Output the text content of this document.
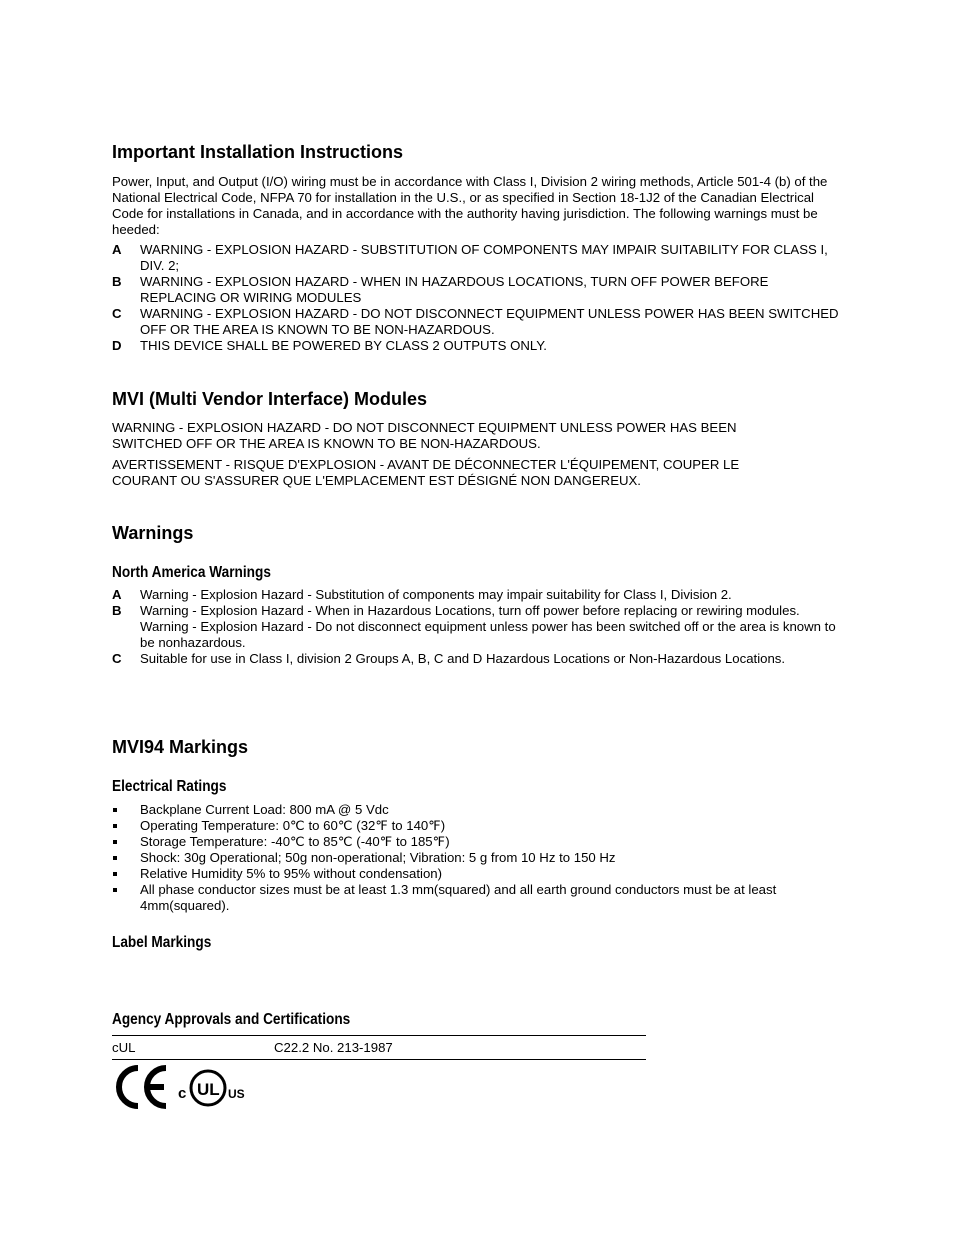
Important Installation Instructions

Power, Input, and Output (I/O) wiring must be in accordance with Class I, Division 2 wiring methods, Article 501-4 (b) of the National Electrical Code, NFPA 70 for installation in the U.S., or as specified in Section 18-1J2 of the Canadian Electrical Code for installations in Canada, and in accordance with the authority having jurisdiction. The following warnings must be heeded:

A WARNING - EXPLOSION HAZARD - SUBSTITUTION OF COMPONENTS MAY IMPAIR SUITABILITY FOR CLASS I, DIV. 2;
B WARNING - EXPLOSION HAZARD - WHEN IN HAZARDOUS LOCATIONS, TURN OFF POWER BEFORE REPLACING OR WIRING MODULES
C WARNING - EXPLOSION HAZARD - DO NOT DISCONNECT EQUIPMENT UNLESS POWER HAS BEEN SWITCHED OFF OR THE AREA IS KNOWN TO BE NON-HAZARDOUS.
D THIS DEVICE SHALL BE POWERED BY CLASS 2 OUTPUTS ONLY.
MVI (Multi Vendor Interface) Modules

WARNING - EXPLOSION HAZARD - DO NOT DISCONNECT EQUIPMENT UNLESS POWER HAS BEEN SWITCHED OFF OR THE AREA IS KNOWN TO BE NON-HAZARDOUS.

AVERTISSEMENT - RISQUE D'EXPLOSION - AVANT DE DÉCONNECTER L'ÉQUIPEMENT, COUPER LE COURANT OU S'ASSURER QUE L'EMPLACEMENT EST DÉSIGNÉ NON DANGEREUX.

Warnings
North America Warnings
A Warning - Explosion Hazard - Substitution of components may impair suitability for Class I, Division 2.
B Warning - Explosion Hazard - When in Hazardous Locations, turn off power before replacing or rewiring modules.
Warning - Explosion Hazard - Do not disconnect equipment unless power has been switched off or the area is known to be nonhazardous.
C Suitable for use in Class I, division 2 Groups A, B, C and D Hazardous Locations or Non-Hazardous Locations.
MVI94 Markings
Electrical Ratings
Backplane Current Load: 800 mA @ 5 Vdc
Operating Temperature: 0℃ to 60℃ (32℉ to 140℉)
Storage Temperature: -40℃ to 85℃ (-40℉ to 185℉)
Shock: 30g Operational; 50g non-operational; Vibration: 5 g from 10 Hz to 150 Hz
Relative Humidity 5% to 95% without condensation)
All phase conductor sizes must be at least 1.3 mm(squared) and all earth ground conductors must be at least 4mm(squared).
Label Markings
Agency Approvals and Certifications
cUL	C22.2 No. 213-1987
c UL US
